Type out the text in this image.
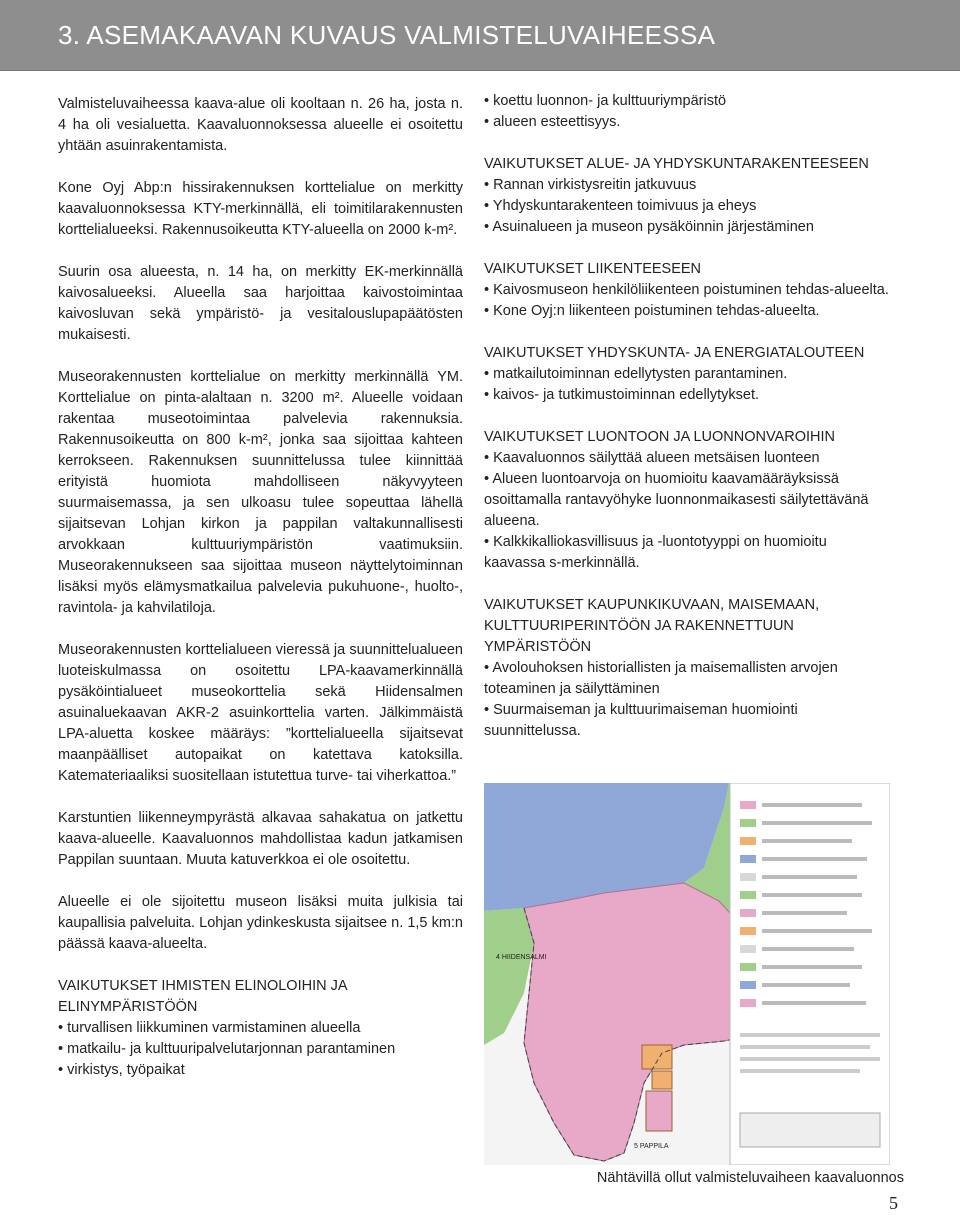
3. ASEMAKAAVAN KUVAUS VALMISTELUVAIHEESSA

Valmisteluvaiheessa kaava-alue oli kooltaan n. 26 ha, josta n. 4 ha oli vesialuetta. Kaavaluonnoksessa alueelle ei osoitettu yhtään asuinrakentamista.

Kone Oyj Abp:n hissirakennuksen korttelialue on merkitty kaavaluonnoksessa KTY-merkinnällä, eli toimitilarakennusten korttelialueeksi. Rakennusoikeutta KTY-alueella on 2000 k-m².

Suurin osa alueesta, n. 14 ha, on merkitty EK-merkinnällä kaivosalueeksi. Alueella saa harjoittaa kaivostoimintaa kaivosluvan sekä ympäristö- ja vesitalouslupapäätösten mukaisesti.

Museorakennusten korttelialue on merkitty merkinnällä YM. Korttelialue on pinta-alaltaan n. 3200 m². Alueelle voidaan rakentaa museotoimintaa palvelevia rakennuksia. Rakennusoikeutta on 800 k-m², jonka saa sijoittaa kahteen kerrokseen. Rakennuksen suunnittelussa tulee kiinnittää erityistä huomiota mahdolliseen näkyvyyteen suurmaisemassa, ja sen ulkoasu tulee sopeuttaa lähellä sijaitsevan Lohjan kirkon ja pappilan valtakunnallisesti arvokkaan kulttuuriympäristön vaatimuksiin. Museorakennukseen saa sijoittaa museon näyttelytoiminnan lisäksi myös elämysmatkailua palvelevia pukuhuone-, huolto-, ravintola- ja kahvilatiloja.

Museorakennusten korttelialueen vieressä ja suunnittelualueen luoteiskulmassa on osoitettu LPA-kaavamerkinnällä pysäköintialueet museokorttelia sekä Hiidensalmen asuinaluekaavan AKR-2 asuinkorttelia varten. Jälkimmäistä LPA-aluetta koskee määräys: ”korttelialueella sijaitsevat maanpäälliset autopaikat on katettava katoksilla. Katemateriaaliksi suositellaan istutettua turve- tai viherkattoa.”

Karstuntien liikenneympyrästä alkavaa sahakatua on jatkettu kaava-alueelle. Kaavaluonnos mahdollistaa kadun jatkamisen Pappilan suuntaan. Muuta katuverkkoa ei ole osoitettu.

Alueelle ei ole sijoitettu museon lisäksi muita julkisia tai kaupallisia palveluita. Lohjan ydinkeskusta sijaitsee n. 1,5 km:n päässä kaava-alueelta.

VAIKUTUKSET IHMISTEN ELINOLOIHIN JA ELINYMPÄRISTÖÖN
• turvallisen liikkuminen varmistaminen alueella
• matkailu- ja kulttuuripalvelutarjonnan parantaminen
• virkistys, työpaikat
• koettu luonnon- ja kulttuuriympäristö
• alueen esteettisyys.
VAIKUTUKSET ALUE- JA YHDYSKUNTARAKENTEESEEN
• Rannan virkistysreitin jatkuvuus
• Yhdyskuntarakenteen toimivuus ja eheys
• Asuinalueen ja museon pysäköinnin järjestäminen
VAIKUTUKSET LIIKENTEESEEN
• Kaivosmuseon henkilöliikenteen poistuminen tehdas-alueelta.
• Kone Oyj:n liikenteen poistuminen tehdas-alueelta.
VAIKUTUKSET YHDYSKUNTA- JA ENERGIATALOUTEEN
• matkailutoiminnan edellytysten parantaminen.
• kaivos- ja tutkimustoiminnan edellytykset.
VAIKUTUKSET LUONTOON JA LUONNONVAROIHIN
• Kaavaluonnos säilyttää alueen metsäisen luonteen
• Alueen luontoarvoja on huomioitu kaavamääräyksissä osoittamalla rantavyöhyke luonnonmaikasesti säilytettävänä alueena.
• Kalkkikalliokasvillisuus ja -luontotyyppi on huomioitu kaavassa s-merkinnällä.
VAIKUTUKSET KAUPUNKIKUVAAN, MAISEMAAN, KULTTUURIPERINTÖÖN JA RAKENNETTUUN YMPÄRISTÖÖN
• Avolouhoksen historiallisten ja maisemallisten arvojen toteaminen ja säilyttäminen
• Suurmaiseman ja kulttuurimaiseman huomiointi suunnittelussa.
4 HIIDENSALMI
5 PAPPILA
Nähtävillä ollut valmisteluvaiheen kaavaluonnos
5
